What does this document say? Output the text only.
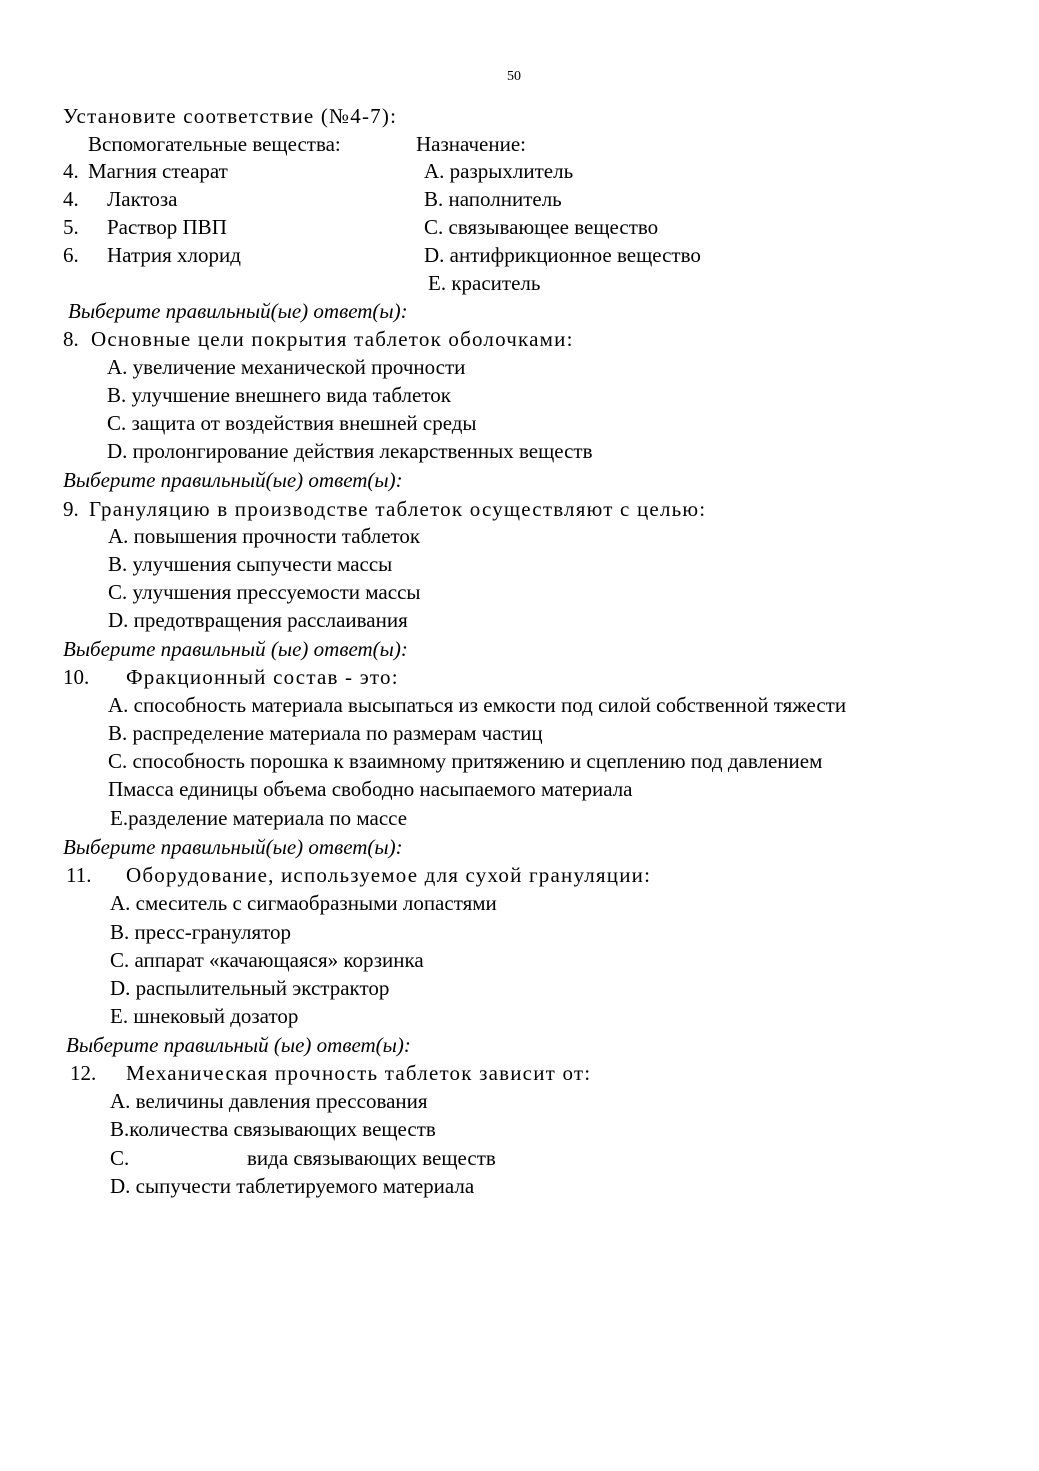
50
Установите соответствие (№4-7):
Вспомогательные вещества:	Назначение:
4. Магния стеарат
4. Лактоза
5. Раствор ПВП
6. Натрия хлорид
А. разрыхлитель
В. наполнитель
С. связывающее вещество
D. антифрикционное вещество
Е. краситель
Выберите правильный(ые) ответ(ы):
8. Основные цели покрытия таблеток оболочками:
А. увеличение механической прочности
В. улучшение внешнего вида таблеток
С. защита от воздействия внешней среды
D. пролонгирование действия лекарственных веществ
Выберите правильный(ые) ответ(ы):
9. Грануляцию в производстве таблеток осуществляют с целью:
А. повышения прочности таблеток
В. улучшения сыпучести массы
С. улучшения прессуемости массы
D. предотвращения расслаивания
Выберите правильный (ые) ответ(ы):
10. Фракционный состав - это:
А. способность материала высыпаться из емкости под силой собственной тяжести
В. распределение материала по размерам частиц
С. способность порошка к взаимному притяжению и сцеплению под давлением
Пмасса единицы объема свободно насыпаемого материала
Е.разделение материала по массе
Выберите правильный(ые) ответ(ы):
11. Оборудование, используемое для сухой грануляции:
А. смеситель с сигмаобразными лопастями
В. пресс-гранулятор
С. аппарат «качающаяся» корзинка
D. распылительный экстрактор
Е. шнековый дозатор
Выберите правильный (ые) ответ(ы):
12. Механическая прочность таблеток зависит от:
А. величины давления прессования
В.количества связывающих веществ
С.	вида связывающих веществ
D. сыпучести таблетируемого материала
